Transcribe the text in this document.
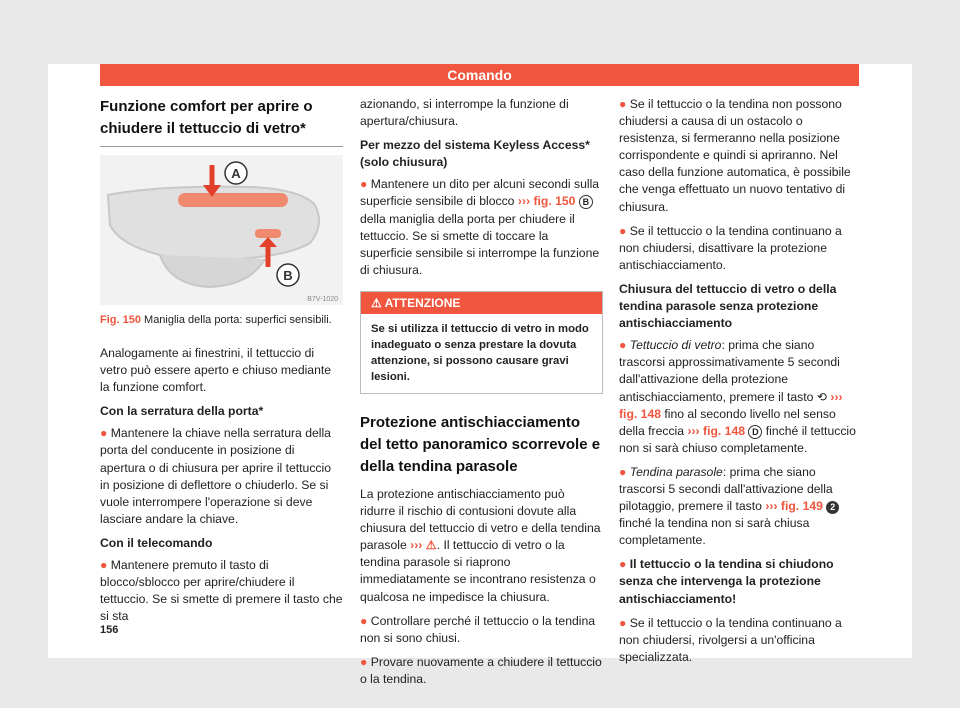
Comando
Funzione comfort per aprire o chiudere il tettuccio di vetro*
A
B
B7V-1020
Fig. 150 Maniglia della porta: superfici sensibili.

Analogamente ai finestrini, il tettuccio di vetro può essere aperto e chiuso mediante la funzione comfort.

Con la serratura della porta*

● Mantenere la chiave nella serratura della porta del conducente in posizione di apertura o di chiusura per aprire il tettuccio in posizione di deflettore o chiuderlo. Se si vuole interrompere l'operazione si deve lasciare andare la chiave.

Con il telecomando

● Mantenere premuto il tasto di blocco/sblocco per aprire/chiudere il tettuccio. Se si smette di premere il tasto che si sta

azionando, si interrompe la funzione di apertura/chiusura.

Per mezzo del sistema Keyless Access* (solo chiusura)

● Mantenere un dito per alcuni secondi sulla superficie sensibile di blocco ››› fig. 150 B della maniglia della porta per chiudere il tettuccio. Se si smette di toccare la superficie sensibile si interrompe la funzione di chiusura.

⚠ ATTENZIONE
Se si utilizza il tettuccio di vetro in modo inadeguato o senza prestare la dovuta attenzione, si possono causare gravi lesioni.
Protezione antischiacciamento del tetto panoramico scorrevole e della tendina parasole

La protezione antischiacciamento può ridurre il rischio di contusioni dovute alla chiusura del tettuccio di vetro e della tendina parasole ››› ⚠. Il tettuccio di vetro o la tendina parasole si riaprono immediatamente se incontrano resistenza o qualcosa ne impedisce la chiusura.

● Controllare perché il tettuccio o la tendina non si sono chiusi.

● Provare nuovamente a chiudere il tettuccio o la tendina.

● Se il tettuccio o la tendina non possono chiudersi a causa di un ostacolo o resistenza, si fermeranno nella posizione corrispondente e quindi si apriranno. Nel caso della funzione automatica, è possibile che venga effettuato un nuovo tentativo di chiusura.

● Se il tettuccio o la tendina continuano a non chiudersi, disattivare la protezione antischiacciamento.

Chiusura del tettuccio di vetro o della tendina parasole senza protezione antischiacciamento

● Tettuccio di vetro: prima che siano trascorsi approssimativamente 5 secondi dall'attivazione della protezione antischiacciamento, premere il tasto ⟲ ››› fig. 148 fino al secondo livello nel senso della freccia ››› fig. 148 D finché il tettuccio non si sarà chiuso completamente.

● Tendina parasole: prima che siano trascorsi 5 secondi dall'attivazione della pilotaggio, premere il tasto ››› fig. 149 2 finché la tendina non si sarà chiusa completamente.

● Il tettuccio o la tendina si chiudono senza che intervenga la protezione antischiacciamento!

● Se il tettuccio o la tendina continuano a non chiudersi, rivolgersi a un'officina specializzata.

156
